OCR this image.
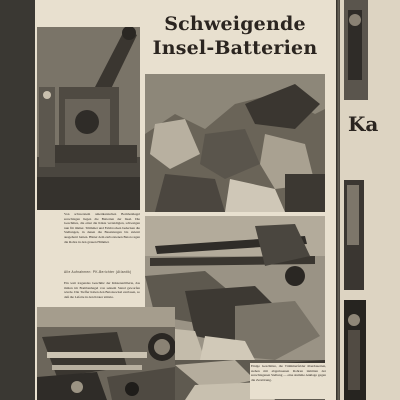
Ka
Schweigende
Insel-Batterien
Von schwerstem amerikanischen Bombenhagel zerschlagen liegen die Batterien der Insel. Die Geschütze, die einst die Küste verteidigten, schweigen nun für immer. Trümmer und Felsbrocken bedecken die Stellungen, in denen die Besatzungen bis zuletzt ausgeharrt hatten. Hinter dem zerborstenen Beton ragen die Rohre in den grauen Himmel.
Alle Aufnahmen: PK-Berichter (Atlantik)
Ein weit tragendes Geschütz der Küstenartillerie, das mitten im Bombenhagel von seinem Stand geworfen wurde. Die Treffer haben den Betonsockel zerrissen, so daß die Lafette in den Krater stürzte.
Einige Geschütze, die Trümmerfelder überdauerten, stehen mit abgerissenen Rohren inmitten der zerschlagenen Stellung — eine stumme Anklage gegen die Zerstörung.
